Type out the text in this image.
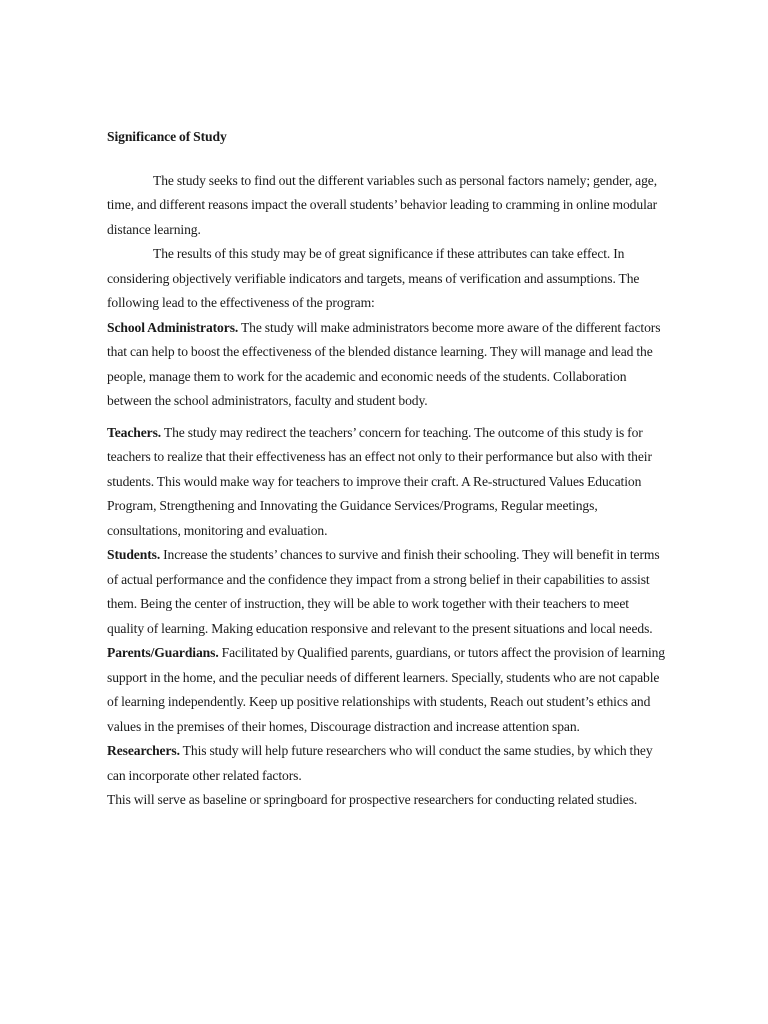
Significance of Study

The study seeks to find out the different variables such as personal factors namely; gender, age, time, and different reasons impact the overall students’ behavior leading to cramming in online modular distance learning.

The results of this study may be of great significance if these attributes can take effect. In considering objectively verifiable indicators and targets, means of verification and assumptions. The following lead to the effectiveness of the program:

School Administrators. The study will make administrators become more aware of the different factors that can help to boost the effectiveness of the blended distance learning. They will manage and lead the people, manage them to work for the academic and economic needs of the students. Collaboration between the school administrators, faculty and student body.

Teachers. The study may redirect the teachers’ concern for teaching. The outcome of this study is for teachers to realize that their effectiveness has an effect not only to their performance but also with their students. This would make way for teachers to improve their craft. A Re-structured Values Education Program, Strengthening and Innovating the Guidance Services/Programs, Regular meetings, consultations, monitoring and evaluation.

Students. Increase the students’ chances to survive and finish their schooling. They will benefit in terms of actual performance and the confidence they impact from a strong belief in their capabilities to assist them. Being the center of instruction, they will be able to work together with their teachers to meet quality of learning. Making education responsive and relevant to the present situations and local needs.

Parents/Guardians. Facilitated by Qualified parents, guardians, or tutors affect the provision of learning support in the home, and the peculiar needs of different learners. Specially, students who are not capable of learning independently. Keep up positive relationships with students, Reach out student’s ethics and values in the premises of their homes, Discourage distraction and increase attention span.

Researchers. This study will help future researchers who will conduct the same studies, by which they can incorporate other related factors.

This will serve as baseline or springboard for prospective researchers for conducting related studies.
